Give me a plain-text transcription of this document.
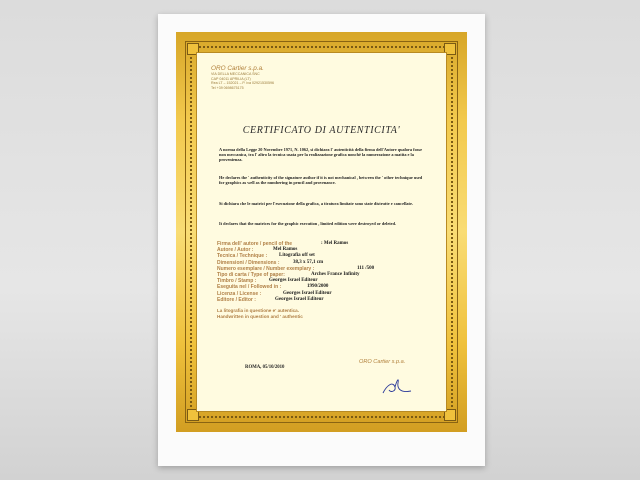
ORO Cartier s.p.a.
VIA DELLA MECCANICA SNC
CAP 04011 APRILIA (LT)
Rea LT – 152021 – P. iva 02921530596
Tel +39 0698675175
CERTIFICATO DI AUTENTICITA'
A norma della Legge 20 Novembre 1971, N. 1062, si dichiara l' autenticità della firma dell'Autore qualora fosse non meccanica, tra l' altro la tecnica usata per la realizzazione grafica nonchè la numerazione a matita e la provenienza.
He declares the ' authenticity of the signature author if it is not mechanical , between the ' other technique used for graphics as well as the numbering in pencil and provenance.
Si dichiara che le matrici per l'esecuzione della grafica, a tiratura limitate sono state distrutte e cancellate.
It declares that the matrices for the graphic execution , limited edition were destroyed or deleted.
Firma dell' autore / pencil of the	: Mel Ramos
Autore / Autor :	Mel Ramos
Tecnica / Technique : Litografia off set
Dimensioni / Dimensions :	38,3 x 57,1 cm
Numero esemplare / Number exemplary :	111 /500
Tipo di carta / Type of paper:	Arches France Infinity
Timbro / Stamp :	Georges Israel Editeur
Eseguita nel / Followed in :	1990/2000
Licenza / License :	Georges Israel Editeur
Editore / Editor :	Georges Israel Editeur
La litografia in questione e' autentica.
Handwritten in question and ' authentic
ROMA, 05/10/2010
ORO Cartier s.p.a.
